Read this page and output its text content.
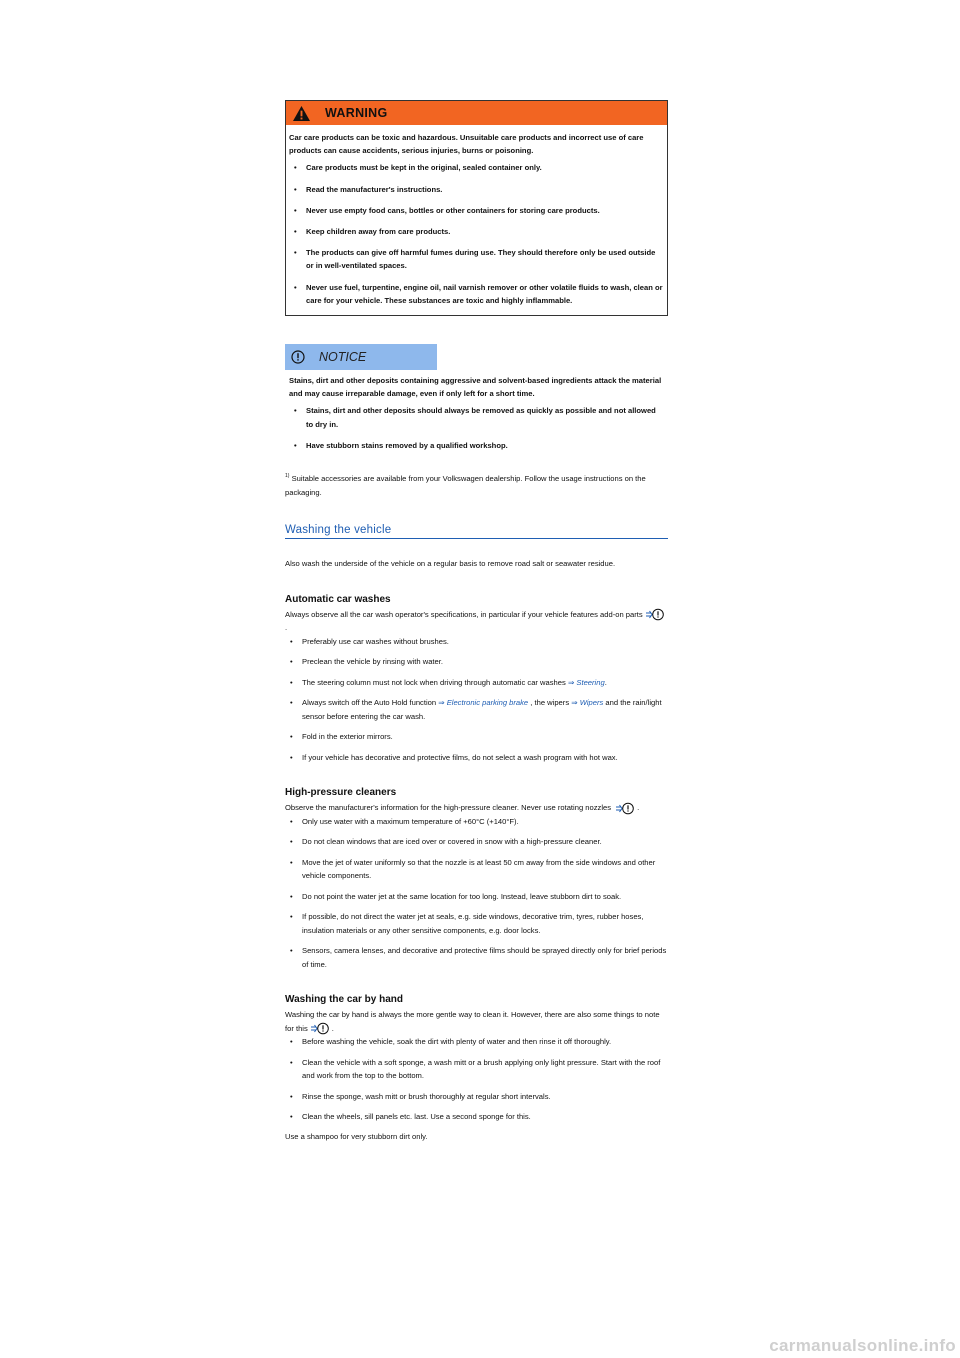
WARNING
Car care products can be toxic and hazardous. Unsuitable care products and incorrect use of care products can cause accidents, serious injuries, burns or poisoning.
• Care products must be kept in the original, sealed container only.
• Read the manufacturer's instructions.
• Never use empty food cans, bottles or other containers for storing care products.
• Keep children away from care products.
• The products can give off harmful fumes during use. They should therefore only be used outside or in well-ventilated spaces.
• Never use fuel, turpentine, engine oil, nail varnish remover or other volatile fluids to wash, clean or care for your vehicle. These substances are toxic and highly inflammable.
NOTICE
Stains, dirt and other deposits containing aggressive and solvent-based ingredients attack the material and may cause irreparable damage, even if only left for a short time.
• Stains, dirt and other deposits should always be removed as quickly as possible and not allowed to dry in.
• Have stubborn stains removed by a qualified workshop.
$^{1)}$ Suitable accessories are available from your Volkswagen dealership. Follow the usage instructions on the packaging.
Washing the vehicle
Also wash the underside of the vehicle on a regular basis to remove road salt or seawater residue.
Automatic car washes
Always observe all the car wash operator's specifications, in particular if your vehicle features add-on parts
.
• Preferably use car washes without brushes.
• Preclean the vehicle by rinsing with water.
• The steering column must not lock when driving through automatic car washes ⇒ Steering.
• Always switch off the Auto Hold function ⇒ Electronic parking brake , the wipers ⇒ Wipers and the rain/light sensor before entering the car wash.
• Fold in the exterior mirrors.
• If your vehicle has decorative and protective films, do not select a wash program with hot wax.
High-pressure cleaners
Observe the manufacturer's information for the high-pressure cleaner. Never use rotating nozzles	.
• Only use water with a maximum temperature of +60°C (+140°F).
• Do not clean windows that are iced over or covered in snow with a high-pressure cleaner.
• Move the jet of water uniformly so that the nozzle is at least 50 cm away from the side windows and other vehicle components.
• Do not point the water jet at the same location for too long. Instead, leave stubborn dirt to soak.
• If possible, do not direct the water jet at seals, e.g. side windows, decorative trim, tyres, rubber hoses, insulation materials or any other sensitive components, e.g. door locks.
• Sensors, camera lenses, and decorative and protective films should be sprayed directly only for brief periods of time.
Washing the car by hand
Washing the car by hand is always the more gentle way to clean it. However, there are also some things to note for this	.
• Before washing the vehicle, soak the dirt with plenty of water and then rinse it off thoroughly.
• Clean the vehicle with a soft sponge, a wash mitt or a brush applying only light pressure. Start with the roof and work from the top to the bottom.
• Rinse the sponge, wash mitt or brush thoroughly at regular short intervals.
• Clean the wheels, sill panels etc. last. Use a second sponge for this.
Use a shampoo for very stubborn dirt only.
carmanualsonline.info
